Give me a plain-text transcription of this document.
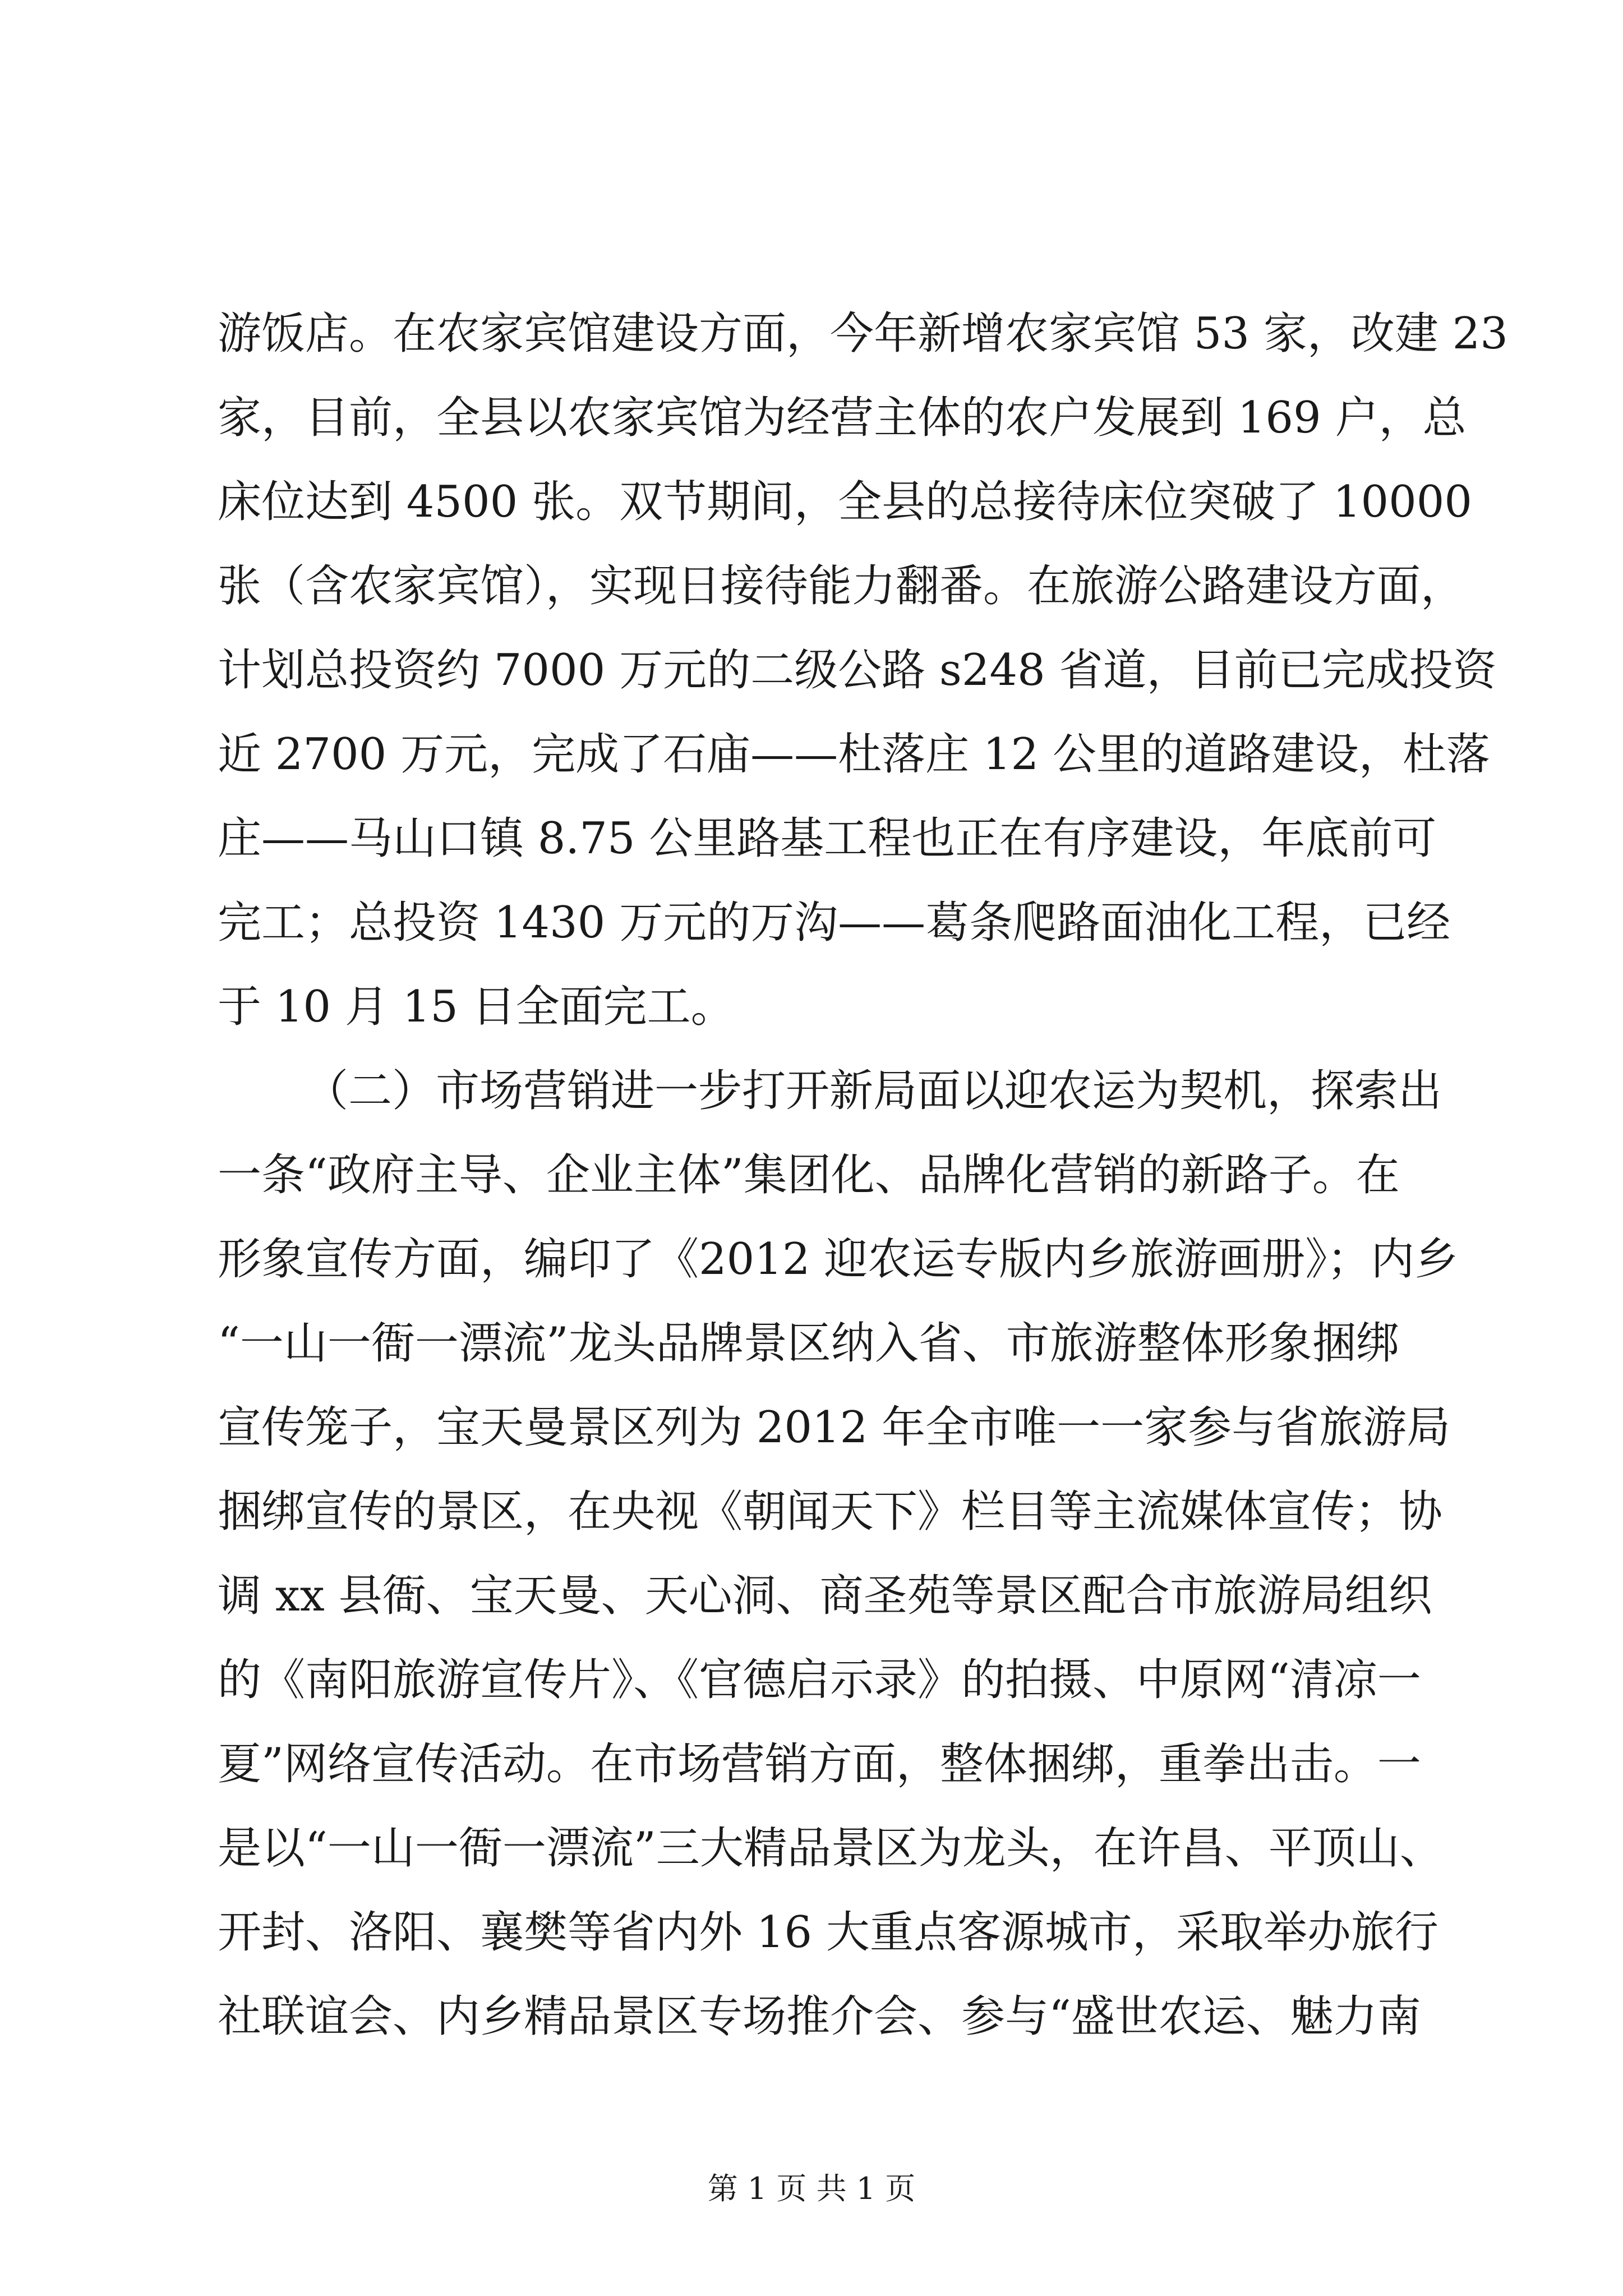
游饭店。在农家宾馆建设方面，今年新增农家宾馆 53 家，改建 23
家，目前，全县以农家宾馆为经营主体的农户发展到 169 户，总
床位达到 4500 张。双节期间，全县的总接待床位突破了 10000
张（含农家宾馆），实现日接待能力翻番。在旅游公路建设方面，
计划总投资约 7000 万元的二级公路 s248 省道，目前已完成投资
近 2700 万元，完成了石庙——杜落庄 12 公里的道路建设，杜落
庄——马山口镇 8.75 公里路基工程也正在有序建设，年底前可
完工；总投资 1430 万元的万沟——葛条爬路面油化工程，已经
于 10 月 15 日全面完工。
（二）市场营销进一步打开新局面以迎农运为契机，探索出
一条“政府主导、企业主体”集团化、品牌化营销的新路子。在
形象宣传方面，编印了《2012 迎农运专版内乡旅游画册》；内乡
“一山一衙一漂流”龙头品牌景区纳入省、市旅游整体形象捆绑
宣传笼子，宝天曼景区列为 2012 年全市唯一一家参与省旅游局
捆绑宣传的景区，在央视《朝闻天下》栏目等主流媒体宣传；协
调 xx 县衙、宝天曼、天心洞、商圣苑等景区配合市旅游局组织
的《南阳旅游宣传片》、《官德启示录》的拍摄、中原网“清凉一
夏”网络宣传活动。在市场营销方面，整体捆绑，重拳出击。一
是以“一山一衙一漂流”三大精品景区为龙头，在许昌、平顶山、
开封、洛阳、襄樊等省内外 16 大重点客源城市，采取举办旅行
社联谊会、内乡精品景区专场推介会、参与“盛世农运、魅力南
第 1 页 共 1 页
